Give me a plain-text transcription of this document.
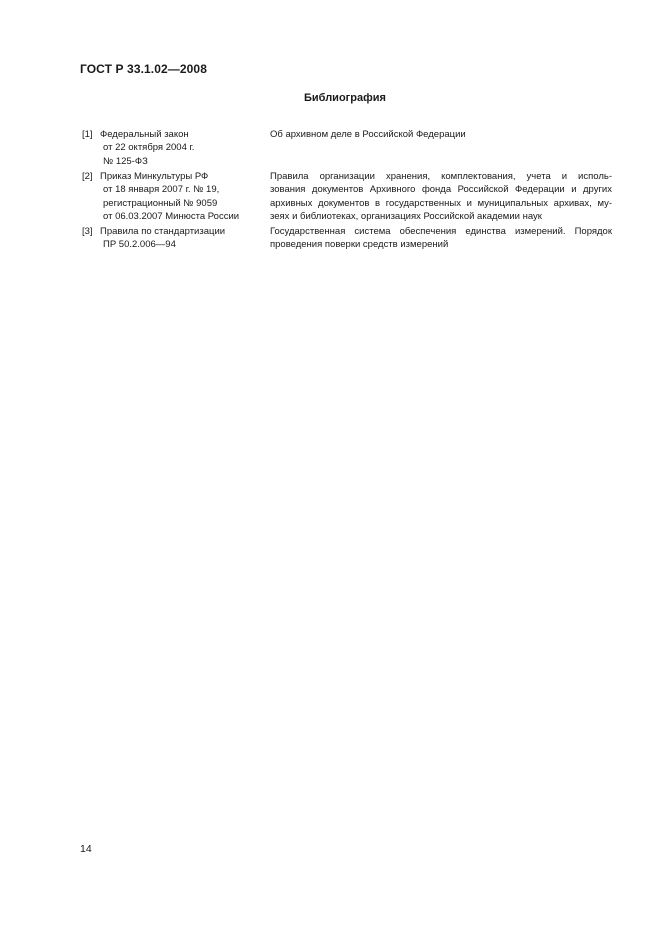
ГОСТ Р 33.1.02—2008
Библиография
[1] Федеральный закон
от 22 октября 2004 г.
№ 125-ФЗ
Об архивном деле в Российской Федерации
[2] Приказ Минкультуры РФ
от 18 января 2007 г. № 19,
регистрационный № 9059
от 06.03.2007 Минюста России
Правила организации хранения, комплектования, учета и исполь-
зования документов Архивного фонда Российской Федерации и других
архивных документов в государственных и муниципальных архивах, му-
зеях и библиотеках, организациях Российской академии наук
[3] Правила по стандартизации
ПР 50.2.006—94
Государственная система обеспечения единства измерений. Порядок
проведения поверки средств измерений
14
